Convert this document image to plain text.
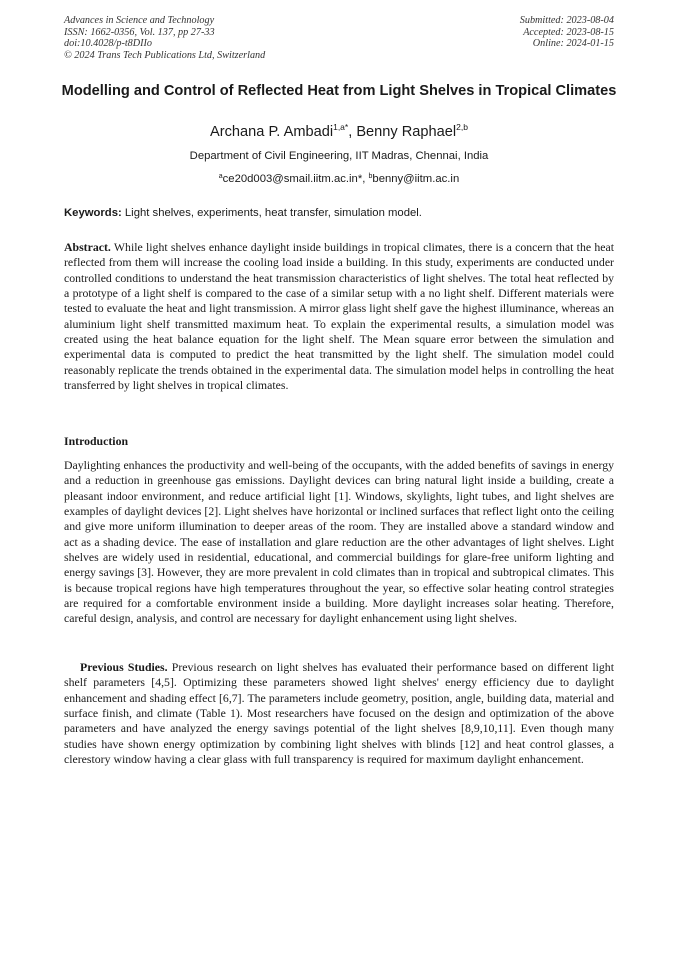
Advances in Science and Technology
ISSN: 1662-0356, Vol. 137, pp 27-33
doi:10.4028/p-t8DIIo
© 2024 Trans Tech Publications Ltd, Switzerland
Submitted: 2023-08-04
Accepted: 2023-08-15
Online: 2024-01-15
Modelling and Control of Reflected Heat from Light Shelves in Tropical Climates
Archana P. Ambadi$^{1,a*}$, Benny Raphael$^{2,b}$
Department of Civil Engineering, IIT Madras, Chennai, India
$^a$ce20d003@smail.iitm.ac.in*, $^b$benny@iitm.ac.in
Keywords: Light shelves, experiments, heat transfer, simulation model.
Abstract. While light shelves enhance daylight inside buildings in tropical climates, there is a concern that the heat reflected from them will increase the cooling load inside a building. In this study, experiments are conducted under controlled conditions to understand the heat transmission characteristics of light shelves. The total heat reflected by a prototype of a light shelf is compared to the case of a similar setup with a no light shelf. Different materials were tested to evaluate the heat and light transmission. A mirror glass light shelf gave the highest illuminance, whereas an aluminium light shelf transmitted maximum heat. To explain the experimental results, a simulation model was created using the heat balance equation for the light shelf. The Mean square error between the simulation and experimental data is computed to predict the heat transmitted by the light shelf. The simulation model could reasonably replicate the trends obtained in the experimental data. The simulation model helps in controlling the heat transferred by light shelves in tropical climates.
Introduction
Daylighting enhances the productivity and well-being of the occupants, with the added benefits of savings in energy and a reduction in greenhouse gas emissions. Daylight devices can bring natural light inside a building, create a pleasant indoor environment, and reduce artificial light [1]. Windows, skylights, light tubes, and light shelves are examples of daylight devices [2]. Light shelves have horizontal or inclined surfaces that reflect light onto the ceiling and give more uniform illumination to deeper areas of the room. They are installed above a standard window and act as a shading device. The ease of installation and glare reduction are the other advantages of light shelves. Light shelves are widely used in residential, educational, and commercial buildings for glare-free uniform lighting and energy savings [3]. However, they are more prevalent in cold climates than in tropical and subtropical climates. This is because tropical regions have high temperatures throughout the year, so effective solar heating control strategies are required for a comfortable environment inside a building. More daylight increases solar heating. Therefore, careful design, analysis, and control are necessary for daylight enhancement using light shelves.
Previous Studies. Previous research on light shelves has evaluated their performance based on different light shelf parameters [4,5]. Optimizing these parameters showed light shelves' energy efficiency due to daylight enhancement and shading effect [6,7]. The parameters include geometry, position, angle, building data, material and surface finish, and climate (Table 1). Most researchers have focused on the design and optimization of the above parameters and have analyzed the energy savings potential of the light shelves [8,9,10,11]. Even though many studies have shown energy optimization by combining light shelves with blinds [12] and heat control glasses, a clerestory window having a clear glass with full transparency is required for maximum daylight enhancement.
